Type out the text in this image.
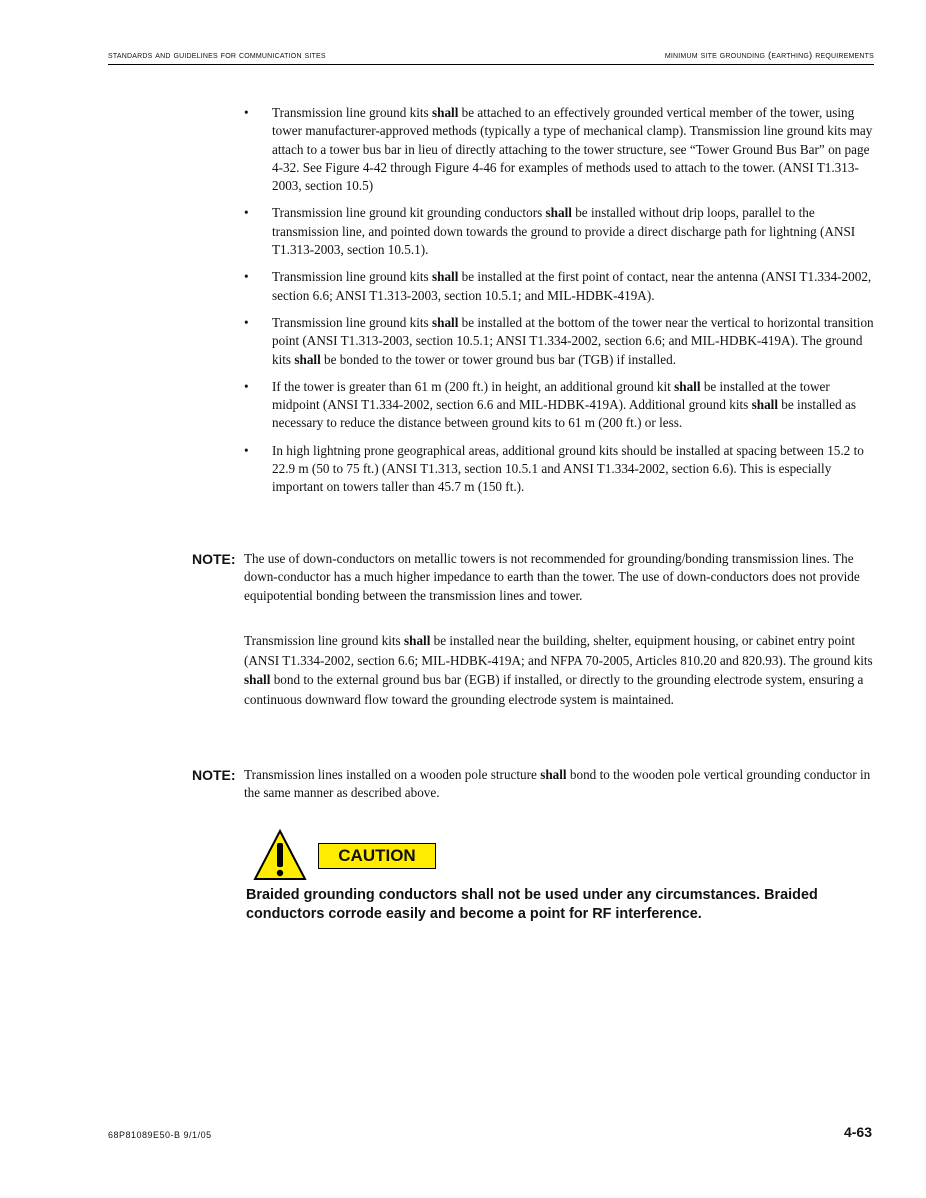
standards and guidelines for communication sites	minimum site grounding (earthing) requirements
• Transmission line ground kits shall be attached to an effectively grounded vertical member of the tower, using tower manufacturer-approved methods (typically a type of mechanical clamp). Transmission line ground kits may attach to a tower bus bar in lieu of directly attaching to the tower structure, see “Tower Ground Bus Bar” on page 4-32. See Figure 4-42 through Figure 4-46 for examples of methods used to attach to the tower. (ANSI T1.313-2003, section 10.5)
• Transmission line ground kit grounding conductors shall be installed without drip loops, parallel to the transmission line, and pointed down towards the ground to provide a direct discharge path for lightning (ANSI T1.313-2003, section 10.5.1).
• Transmission line ground kits shall be installed at the first point of contact, near the antenna (ANSI T1.334-2002, section 6.6; ANSI T1.313-2003, section 10.5.1; and MIL-HDBK-419A).
• Transmission line ground kits shall be installed at the bottom of the tower near the vertical to horizontal transition point (ANSI T1.313-2003, section 10.5.1; ANSI T1.334-2002, section 6.6; and MIL-HDBK-419A). The ground kits shall be bonded to the tower or tower ground bus bar (TGB) if installed.
• If the tower is greater than 61 m (200 ft.) in height, an additional ground kit shall be installed at the tower midpoint (ANSI T1.334-2002, section 6.6 and MIL-HDBK-419A). Additional ground kits shall be installed as necessary to reduce the distance between ground kits to 61 m (200 ft.) or less.
• In high lightning prone geographical areas, additional ground kits should be installed at spacing between 15.2 to 22.9 m (50 to 75 ft.) (ANSI T1.313, section 10.5.1 and ANSI T1.334-2002, section 6.6). This is especially important on towers taller than 45.7 m (150 ft.).
NOTE: The use of down-conductors on metallic towers is not recommended for grounding/bonding transmission lines. The down-conductor has a much higher impedance to earth than the tower. The use of down-conductors does not provide equipotential bonding between the transmission lines and tower.
Transmission line ground kits shall be installed near the building, shelter, equipment housing, or cabinet entry point (ANSI T1.334-2002, section 6.6; MIL-HDBK-419A; and NFPA 70-2005, Articles 810.20 and 820.93). The ground kits shall bond to the external ground bus bar (EGB) if installed, or directly to the grounding electrode system, ensuring a continuous downward flow toward the grounding electrode system is maintained.
NOTE: Transmission lines installed on a wooden pole structure shall bond to the wooden pole vertical grounding conductor in the same manner as described above.
CAUTION
Braided grounding conductors shall not be used under any circumstances. Braided conductors corrode easily and become a point for RF interference.
68P81089E50-B 9/1/05	4-63
